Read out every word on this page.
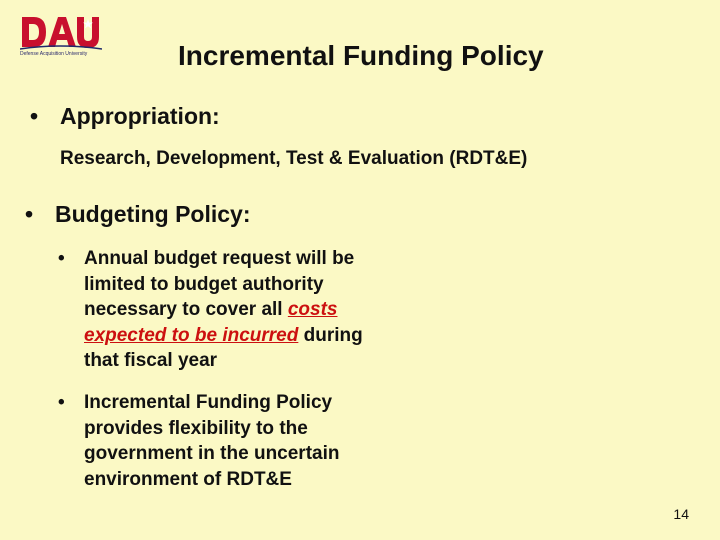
Defense Acquisition University	Incremental Funding Policy
• Appropriation:
Research, Development, Test & Evaluation (RDT&E)
• Budgeting Policy:
• Annual budget request will be
limited to budget authority
necessary to cover all costs
expected to be incurred during
that fiscal year
• Incremental Funding Policy
provides flexibility to the
government in the uncertain
environment of RDT&E
14
